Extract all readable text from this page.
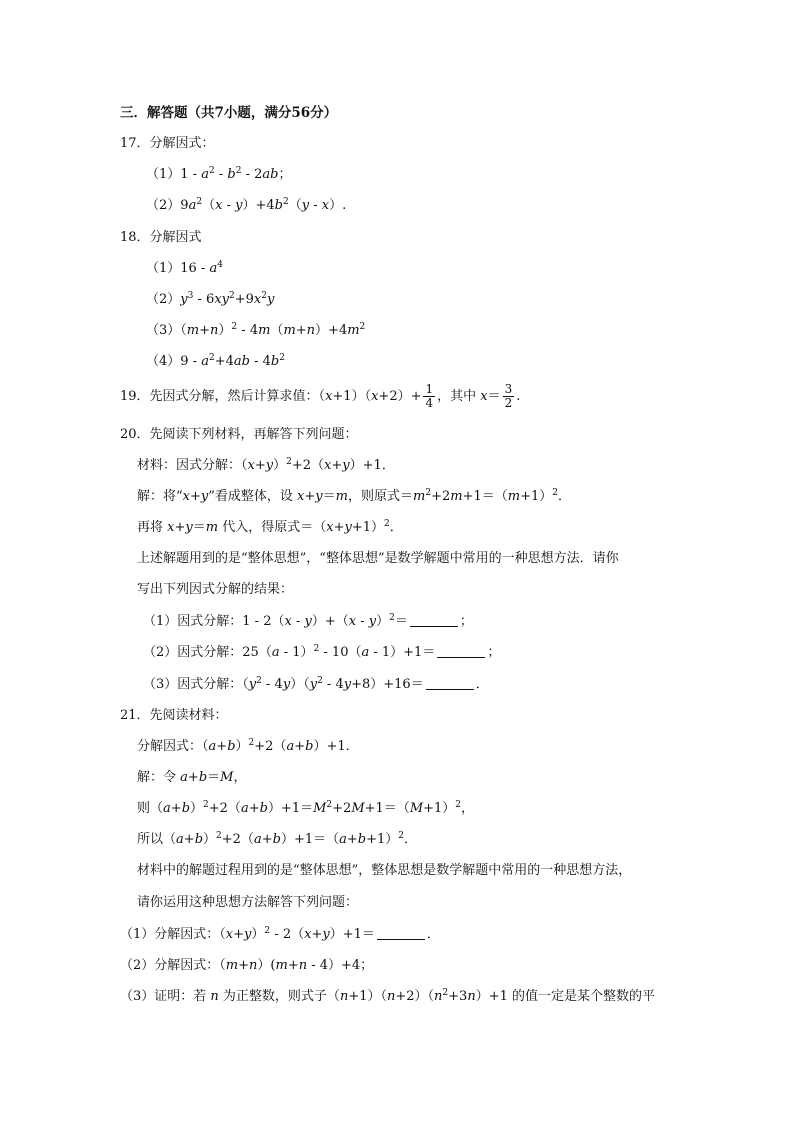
三．解答题（共7小题，满分56分）
17．分解因式：
$(1)1 - a^2 - b^2 - 2ab$；
$(2)9a^2(x - y)+4b^2(y - x)$.
18．分解因式
$(1)16 - a^4$
$(2)y^3 - 6xy^2+9x^2y$
$(3)(m+n)^2 - 4m(m+n)+4m^2$
$(4)9 - a^2+4ab - 4b^2$
19．先因式分解，然后计算求值：$(x+1)(x+2)+ \frac{1}{4}$ ，其中 $x= \frac{3}{2}$ .
20．先阅读下列材料，再解答下列问题：
材料：因式分解：$(x+y)^2+2(x+y)+1$．
解：将“x+y”看成整体，设 x+y＝m，则原式$=m^2+2m+1=(m+1)^2$．
再将 x+y＝m 代入，得原式$=(x+y+1)^2$．
上述解题用到的是“整体思想”，“整体思想”是数学解题中常用的一种思想方法．请你
写出下列因式分解的结果：
（1）因式分解：1 - 2（x - y）+（x - y）$^2$＝	；
（2）因式分解：25（a - 1）$^2$ - 10（a - 1）+1＝	；
（3）因式分解：$(y^2 - 4y)(y^2 - 4y+8)+16=$	．
21．先阅读材料：
分解因式：$(a+b)^2+2(a+b)+1$．
解：令 a+b＝M，
则$(a+b)^2+2(a+b)+1=M^2+2M+1=(M+1)^2$，
所以$(a+b)^2+2(a+b)+1=(a+b+1)^2$．
材料中的解题过程用到的是“整体思想”，整体思想是数学解题中常用的一种思想方法，
请你运用这种思想方法解答下列问题：
（1）分解因式：$(x+y)^2 - 2(x+y)+1=$	．
（2）分解因式：（m+n）(m+n - 4）+4；
（3）证明：若 n 为正整数，则式子$(n+1)(n+2)(n^2+3n)+1$ 的值一定是某个整数的平
